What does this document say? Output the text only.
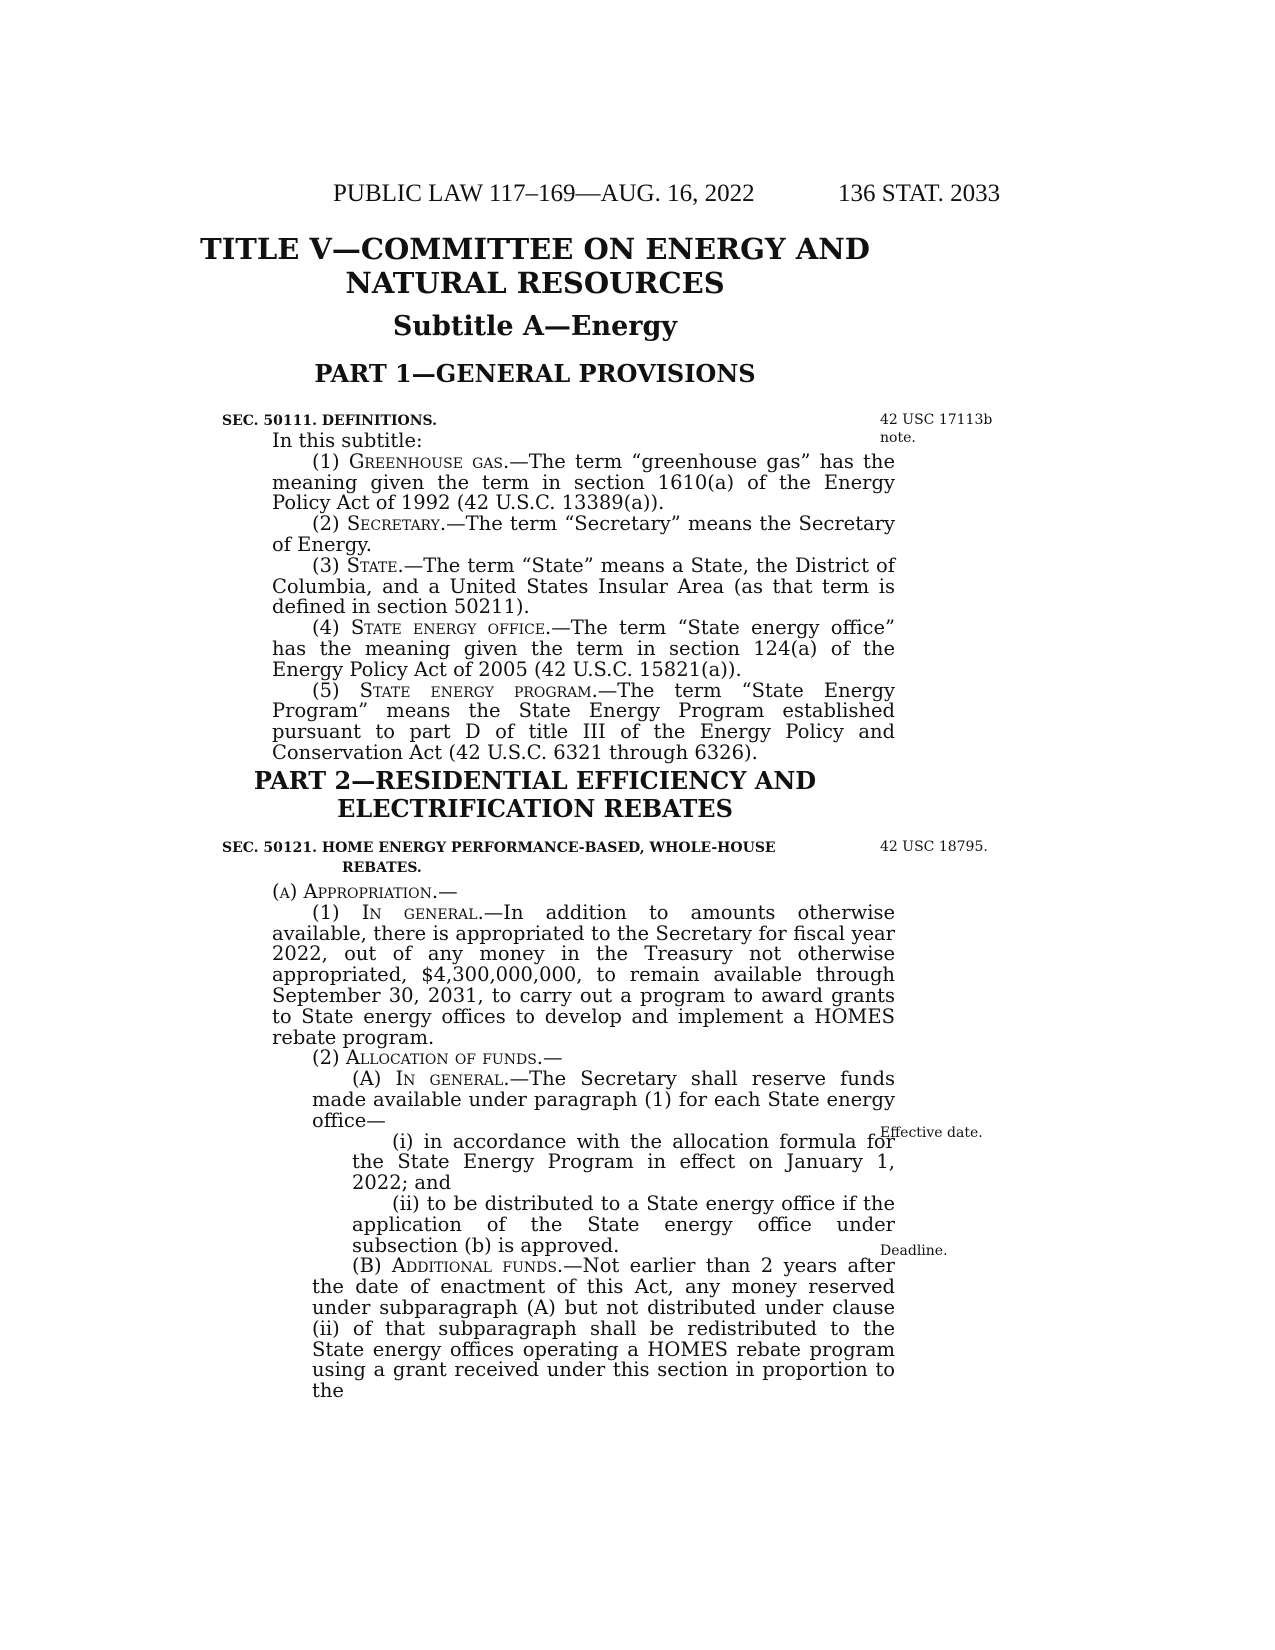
PUBLIC LAW 117–169—AUG. 16, 2022	136 STAT. 2033
TITLE V—COMMITTEE ON ENERGY AND
NATURAL RESOURCES
Subtitle A—Energy
PART 1—GENERAL PROVISIONS
SEC. 50111. DEFINITIONS.	42 USC 17113b
note.

In this subtitle:

(1) Greenhouse gas.—The term “greenhouse gas” has the meaning given the term in section 1610(a) of the Energy Policy Act of 1992 (42 U.S.C. 13389(a)).

(2) Secretary.—The term “Secretary” means the Secretary of Energy.

(3) State.—The term “State” means a State, the District of Columbia, and a United States Insular Area (as that term is defined in section 50211).

(4) State energy office.—The term “State energy office” has the meaning given the term in section 124(a) of the Energy Policy Act of 2005 (42 U.S.C. 15821(a)).

(5) State energy program.—The term “State Energy Program” means the State Energy Program established pursuant to part D of title III of the Energy Policy and Conservation Act (42 U.S.C. 6321 through 6326).

PART 2—RESIDENTIAL EFFICIENCY AND
ELECTRIFICATION REBATES
SEC. 50121. HOME ENERGY PERFORMANCE-BASED, WHOLE-HOUSE
REBATES.
42 USC 18795.

(a) Appropriation.—

(1) In general.—In addition to amounts otherwise available, there is appropriated to the Secretary for fiscal year 2022, out of any money in the Treasury not otherwise appropriated, $4,300,000,000, to remain available through September 30, 2031, to carry out a program to award grants to State energy offices to develop and implement a HOMES rebate program.

(2) Allocation of funds.—

(A) In general.—The Secretary shall reserve funds made available under paragraph (1) for each State energy office—

(i) in accordance with the allocation formula for the State Energy Program in effect on January 1, 2022; and

(ii) to be distributed to a State energy office if the application of the State energy office under subsection (b) is approved.

(B) Additional funds.—Not earlier than 2 years after the date of enactment of this Act, any money reserved under subparagraph (A) but not distributed under clause (ii) of that subparagraph shall be redistributed to the State energy offices operating a HOMES rebate program using a grant received under this section in proportion to the

Effective date.
Deadline.
